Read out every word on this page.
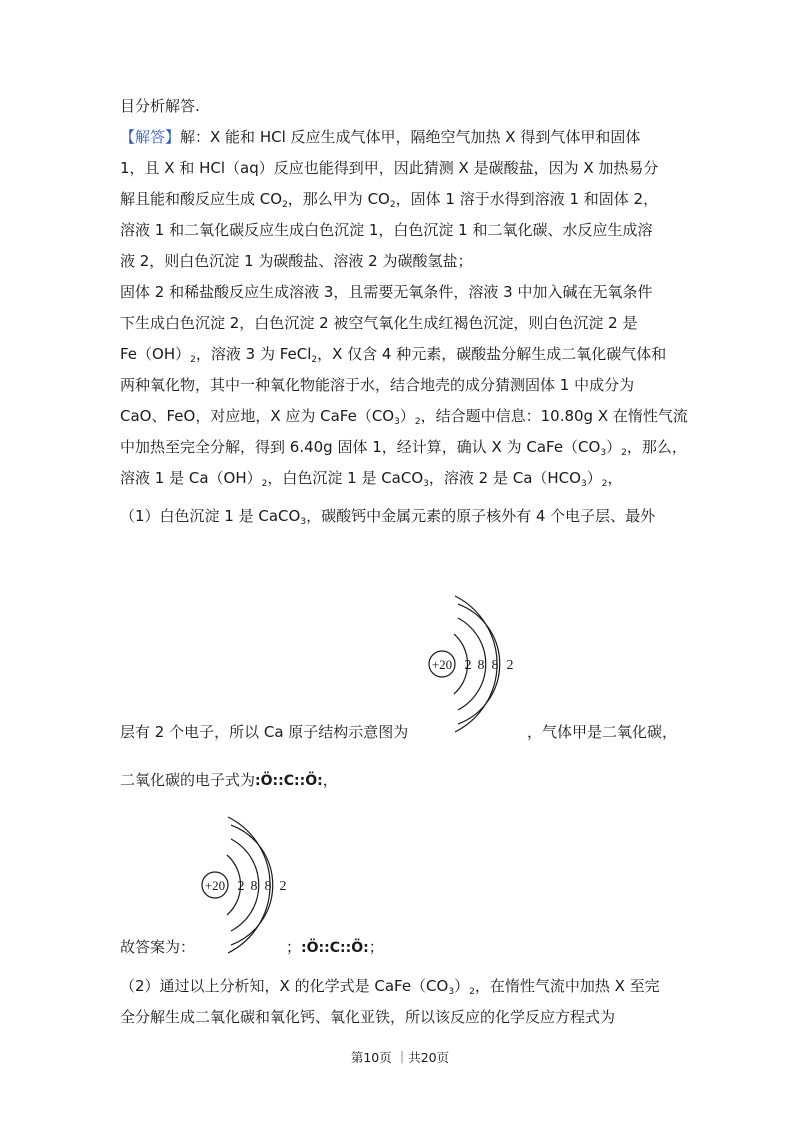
目分析解答.
【解答】解：X 能和 HCl 反应生成气体甲，隔绝空气加热 X 得到气体甲和固体
1，且 X 和 HCl（aq）反应也能得到甲，因此猜测 X 是碳酸盐，因为 X 加热易分
解且能和酸反应生成 $CO_2$，那么甲为 $CO_2$，固体 1 溶于水得到溶液 1 和固体 2，
溶液 1 和二氧化碳反应生成白色沉淀 1，白色沉淀 1 和二氧化碳、水反应生成溶
液 2，则白色沉淀 1 为碳酸盐、溶液 2 为碳酸氢盐；
固体 2 和稀盐酸反应生成溶液 3，且需要无氧条件，溶液 3 中加入碱在无氧条件
下生成白色沉淀 2，白色沉淀 2 被空气氧化生成红褐色沉淀，则白色沉淀 2 是
$Fe(OH)_2$，溶液 3 为 FeCl$_2$，X 仅含 4 种元素，碳酸盐分解生成二氧化碳气体和
两种氧化物，其中一种氧化物能溶于水，结合地壳的成分猜测固体 1 中成分为
CaO、FeO，对应地，X 应为 $CaFe(CO_3)_2$，结合题中信息：10.80g X 在惰性气流
中加热至完全分解，得到 6.40g 固体 1，经计算，确认 X 为 $CaFe(CO_3)_2$，那么，
溶液 1 是 $Ca(OH)_2$，白色沉淀 1 是 CaCO$_3$，溶液 2 是 $Ca(HCO_3)_2$，
（1）白色沉淀 1 是 CaCO$_3$，碳酸钙中金属元素的原子核外有 4 个电子层、最外
+20 2 8 8 2
层有 2 个电子，所以 Ca 原子结构示意图为	，气体甲是二氧化碳，
二氧化碳的电子式为:Ö::C::Ö:，
+20 2 8 8 2
故答案为：	；:Ö::C::Ö:；
（2）通过以上分析知，X 的化学式是 $CaFe(CO_3)_2$，在惰性气流中加热 X 至完
全分解生成二氧化碳和氧化钙、氧化亚铁，所以该反应的化学反应方程式为
第10页 ｜共20页
